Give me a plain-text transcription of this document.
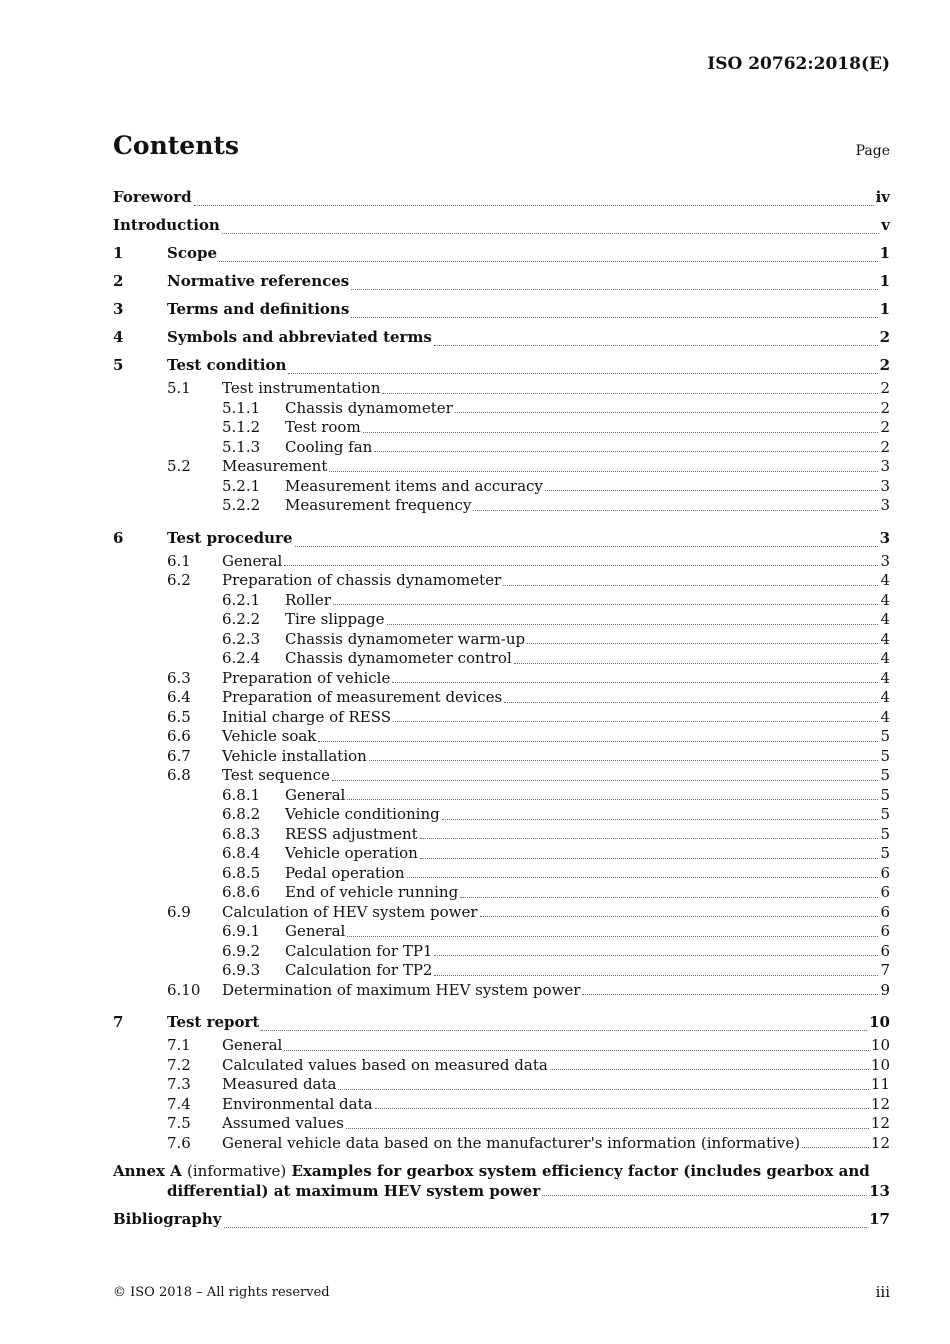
ISO 20762:2018(E)
Contents	Page
Foreword	iv
Introduction	v
1	Scope	1
2	Normative references	1
3	Terms and definitions	1
4	Symbols and abbreviated terms	2
5	Test condition	2
5.1	Test instrumentation	2
5.1.1	Chassis dynamometer	2
5.1.2	Test room	2
5.1.3	Cooling fan	2
5.2	Measurement	3
5.2.1	Measurement items and accuracy	3
5.2.2	Measurement frequency	3
6	Test procedure	3
6.1	General	3
6.2	Preparation of chassis dynamometer	4
6.2.1	Roller	4
6.2.2	Tire slippage	4
6.2.3	Chassis dynamometer warm-up	4
6.2.4	Chassis dynamometer control	4
6.3	Preparation of vehicle	4
6.4	Preparation of measurement devices	4
6.5	Initial charge of RESS	4
6.6	Vehicle soak	5
6.7	Vehicle installation	5
6.8	Test sequence	5
6.8.1	General	5
6.8.2	Vehicle conditioning	5
6.8.3	RESS adjustment	5
6.8.4	Vehicle operation	5
6.8.5	Pedal operation	6
6.8.6	End of vehicle running	6
6.9	Calculation of HEV system power	6
6.9.1	General	6
6.9.2	Calculation for TP1	6
6.9.3	Calculation for TP2	7
6.10	Determination of maximum HEV system power	9
7	Test report	10
7.1	General	10
7.2	Calculated values based on measured data	10
7.3	Measured data	11
7.4	Environmental data	12
7.5	Assumed values	12
7.6	General vehicle data based on the manufacturer's information (informative)	12
Annex A (informative) Examples for gearbox system efficiency factor (includes gearbox and
differential) at maximum HEV system power	13
Bibliography	17
© ISO 2018 – All rights reserved	iii
